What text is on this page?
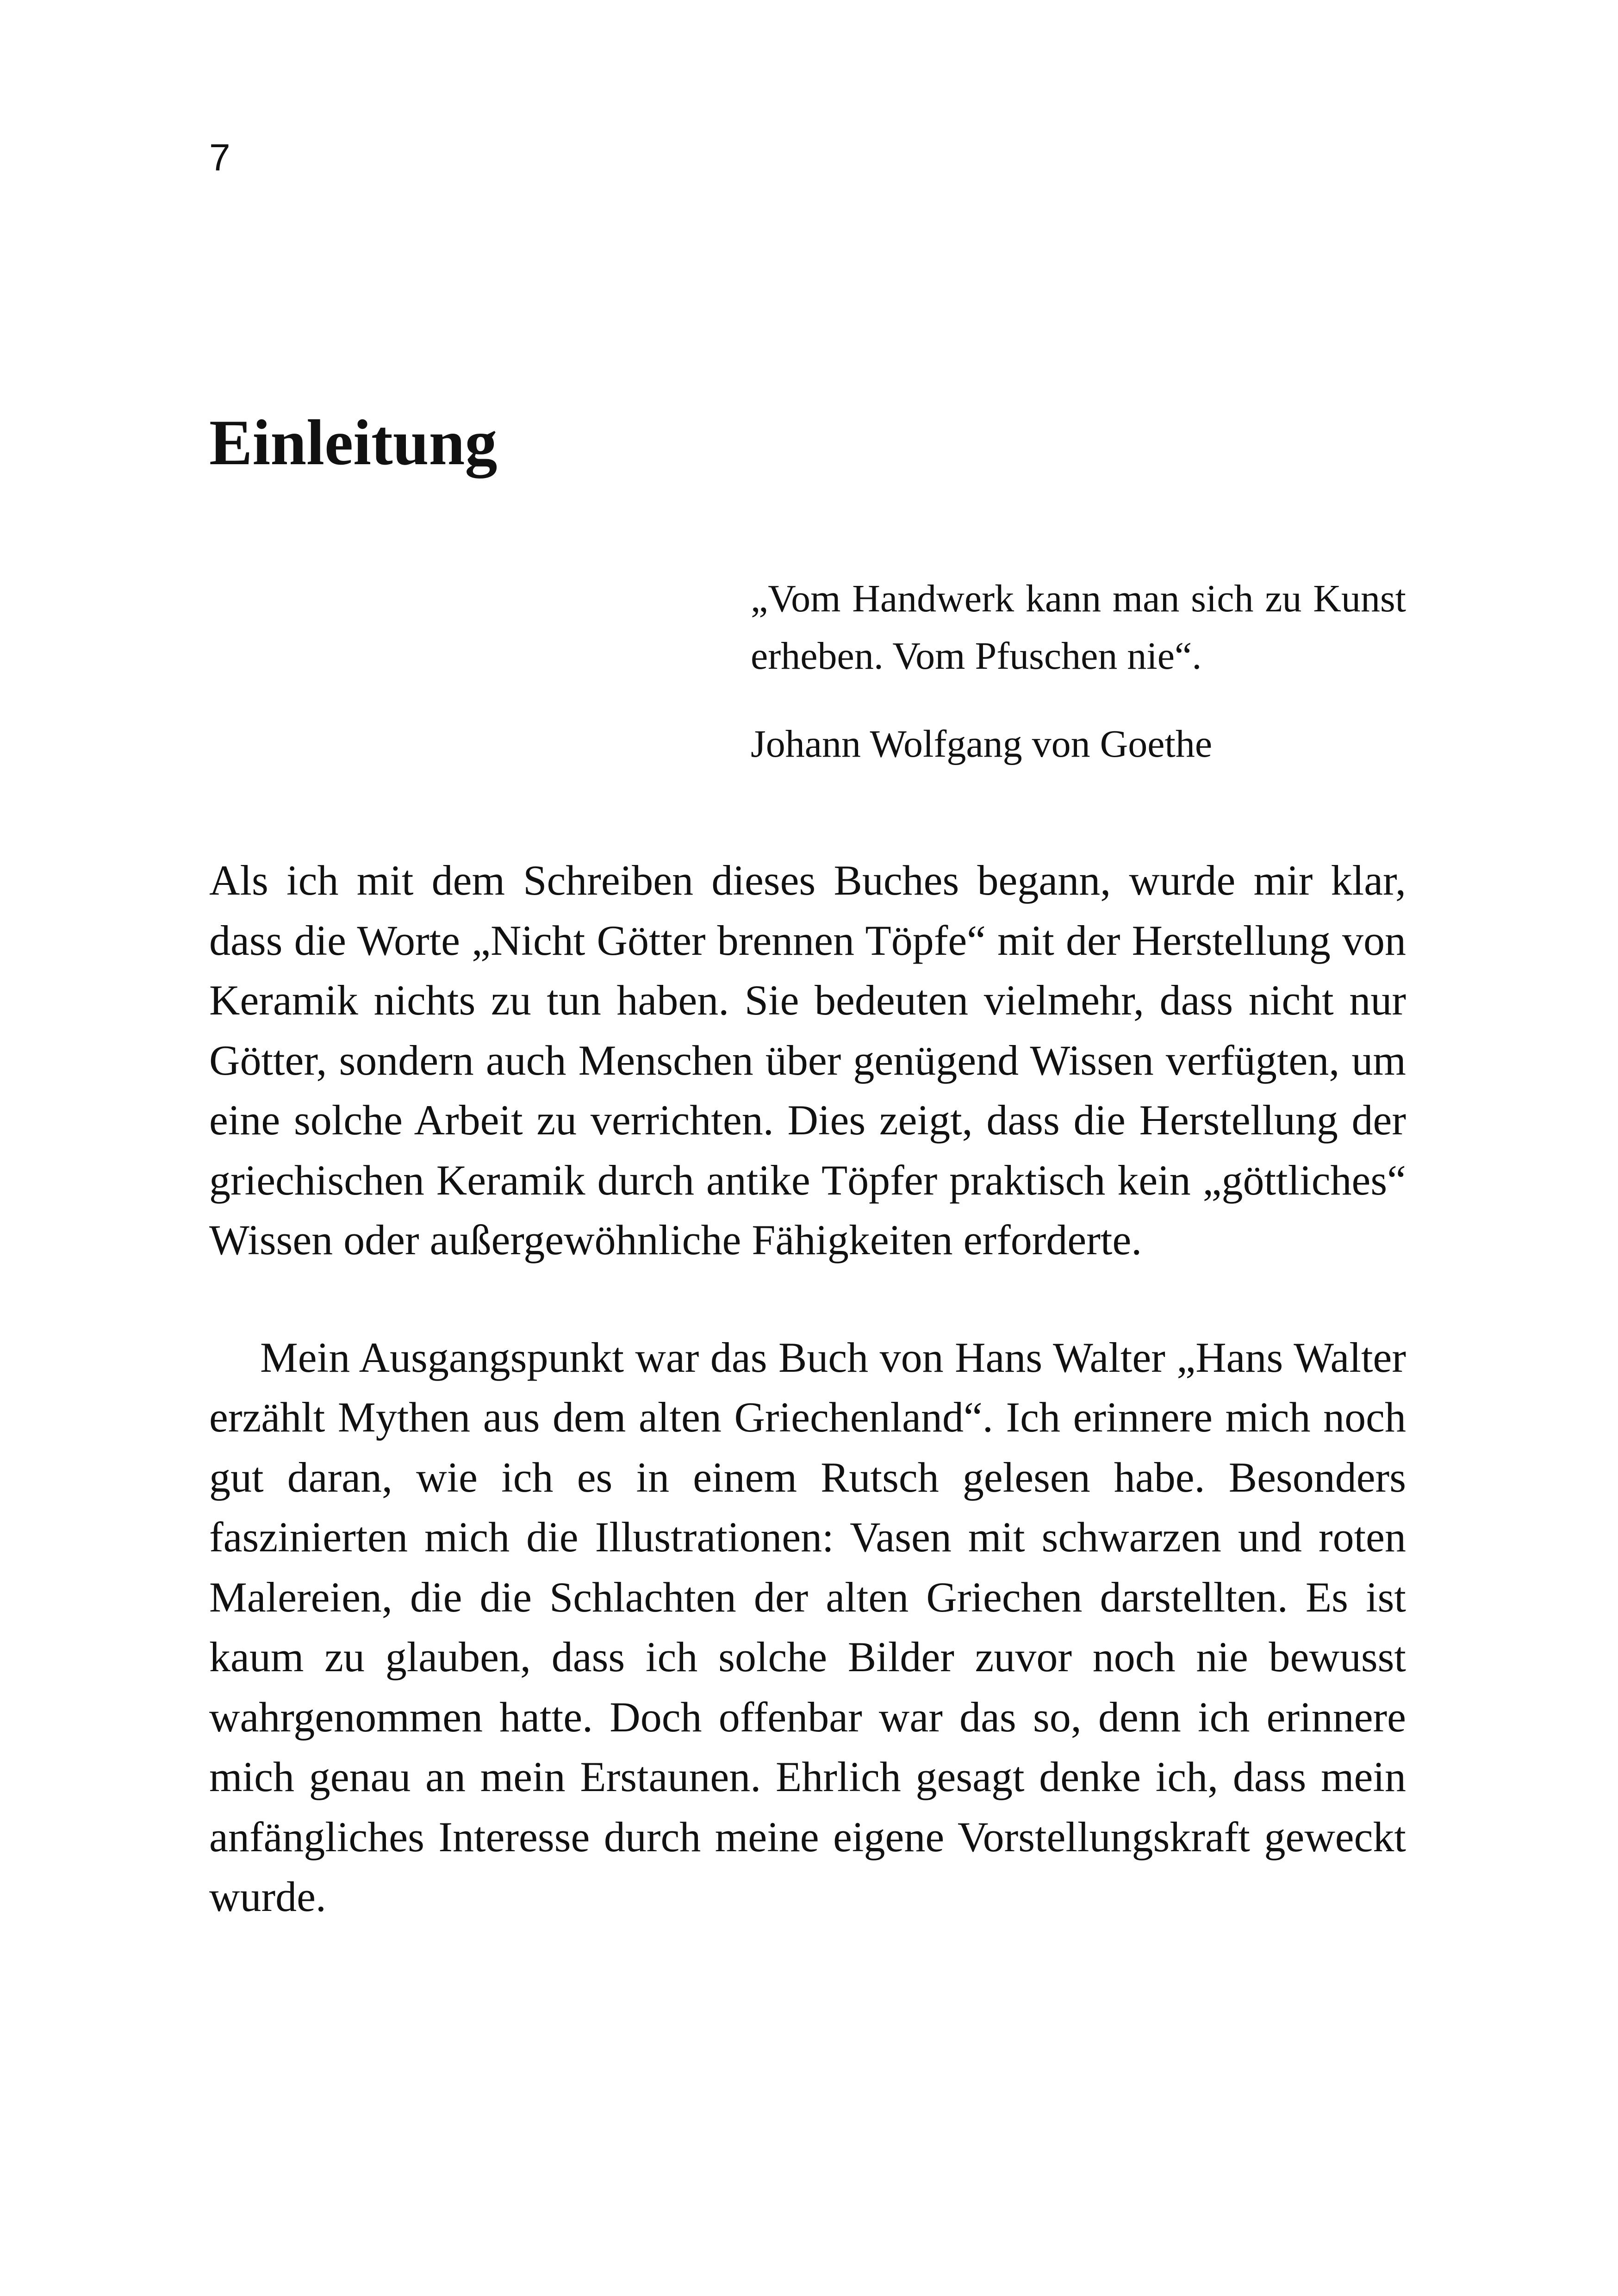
7
Einleitung

„Vom Handwerk kann man sich zu Kunst erheben. Vom Pfuschen nie“.

Johann Wolfgang von Goethe

Als ich mit dem Schreiben dieses Buches begann, wurde mir klar, dass die Worte „Nicht Götter brennen Töpfe“ mit der Herstellung von Keramik nichts zu tun haben. Sie bedeuten vielmehr, dass nicht nur Götter, sondern auch Menschen über genügend Wissen verfügten, um eine solche Arbeit zu verrichten. Dies zeigt, dass die Herstellung der griechischen Keramik durch antike Töpfer praktisch kein „göttliches“ Wissen oder außergewöhnliche Fähigkeiten erforderte.

Mein Ausgangspunkt war das Buch von Hans Walter „Hans Walter erzählt Mythen aus dem alten Griechenland“. Ich erinnere mich noch gut daran, wie ich es in einem Rutsch gelesen habe. Besonders faszinierten mich die Illustrationen: Vasen mit schwarzen und roten Malereien, die die Schlachten der alten Griechen darstellten. Es ist kaum zu glauben, dass ich solche Bilder zuvor noch nie bewusst wahrgenommen hatte. Doch offenbar war das so, denn ich erinnere mich genau an mein Erstaunen. Ehrlich gesagt denke ich, dass mein anfängliches Interesse durch meine eigene Vorstellungskraft geweckt wurde.
